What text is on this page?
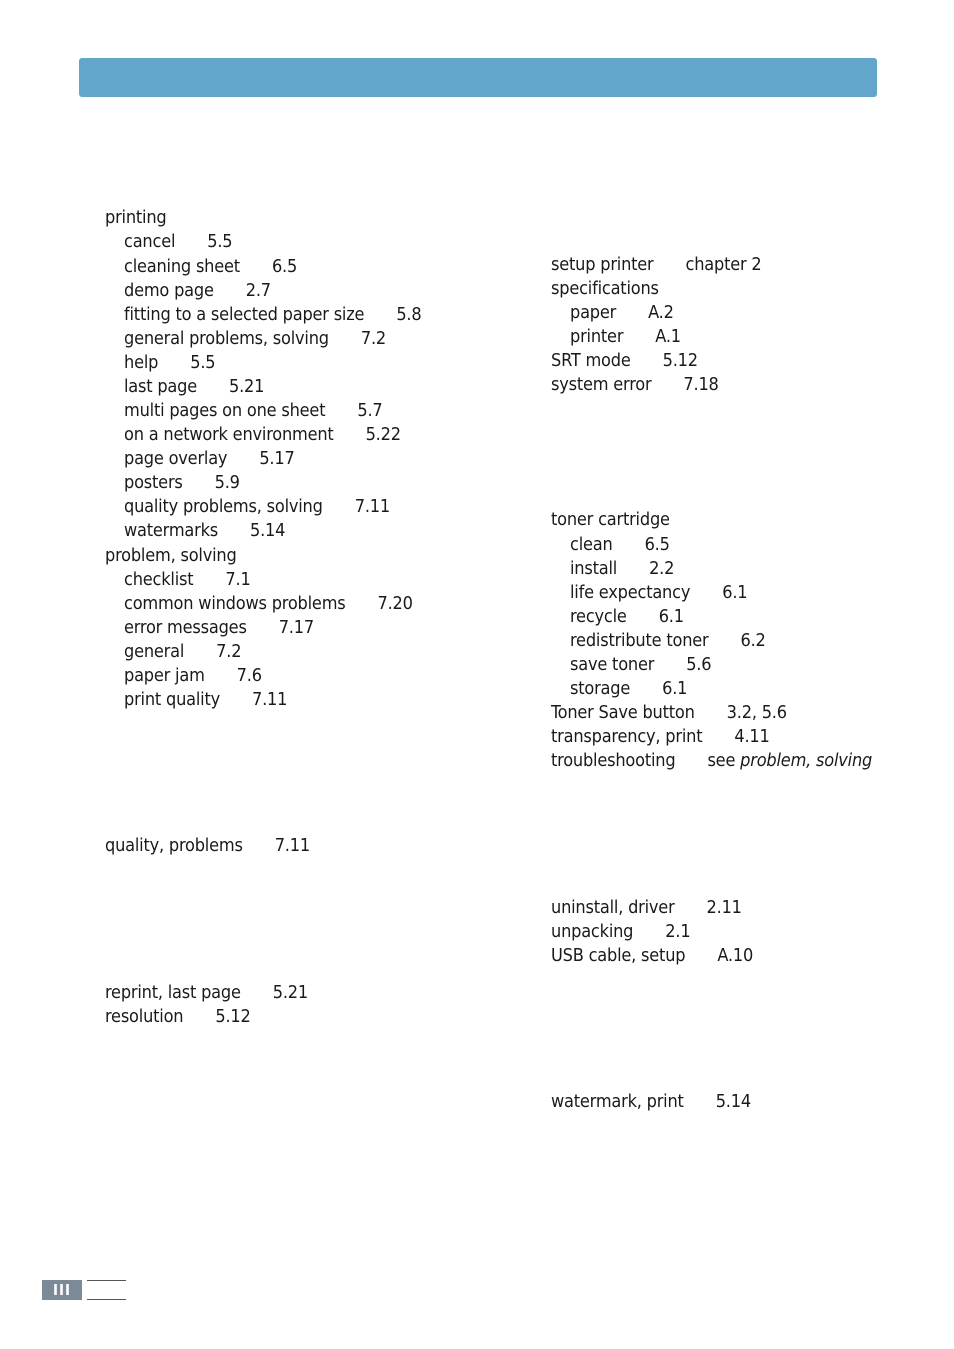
printing
cancel 5.5
cleaning sheet 6.5
demo page 2.7
fitting to a selected paper size 5.8
general problems, solving 7.2
help 5.5
last page 5.21
multi pages on one sheet 5.7
on a network environment 5.22
page overlay 5.17
posters 5.9
quality problems, solving 7.11
watermarks 5.14
problem, solving
checklist 7.1
common windows problems 7.20
error messages 7.17
general 7.2
paper jam 7.6
print quality 7.11
quality, problems 7.11
reprint, last page 5.21
resolution 5.12
setup printer chapter 2
specifications
paper A.2
printer A.1
SRT mode 5.12
system error 7.18
toner cartridge
clean 6.5
install 2.2
life expectancy 6.1
recycle 6.1
redistribute toner 6.2
save toner 5.6
storage 6.1
Toner Save button 3.2, 5.6
transparency, print 4.11
troubleshooting see problem, solving
uninstall, driver 2.11
unpacking 2.1
USB cable, setup A.10
watermark, print 5.14
III
